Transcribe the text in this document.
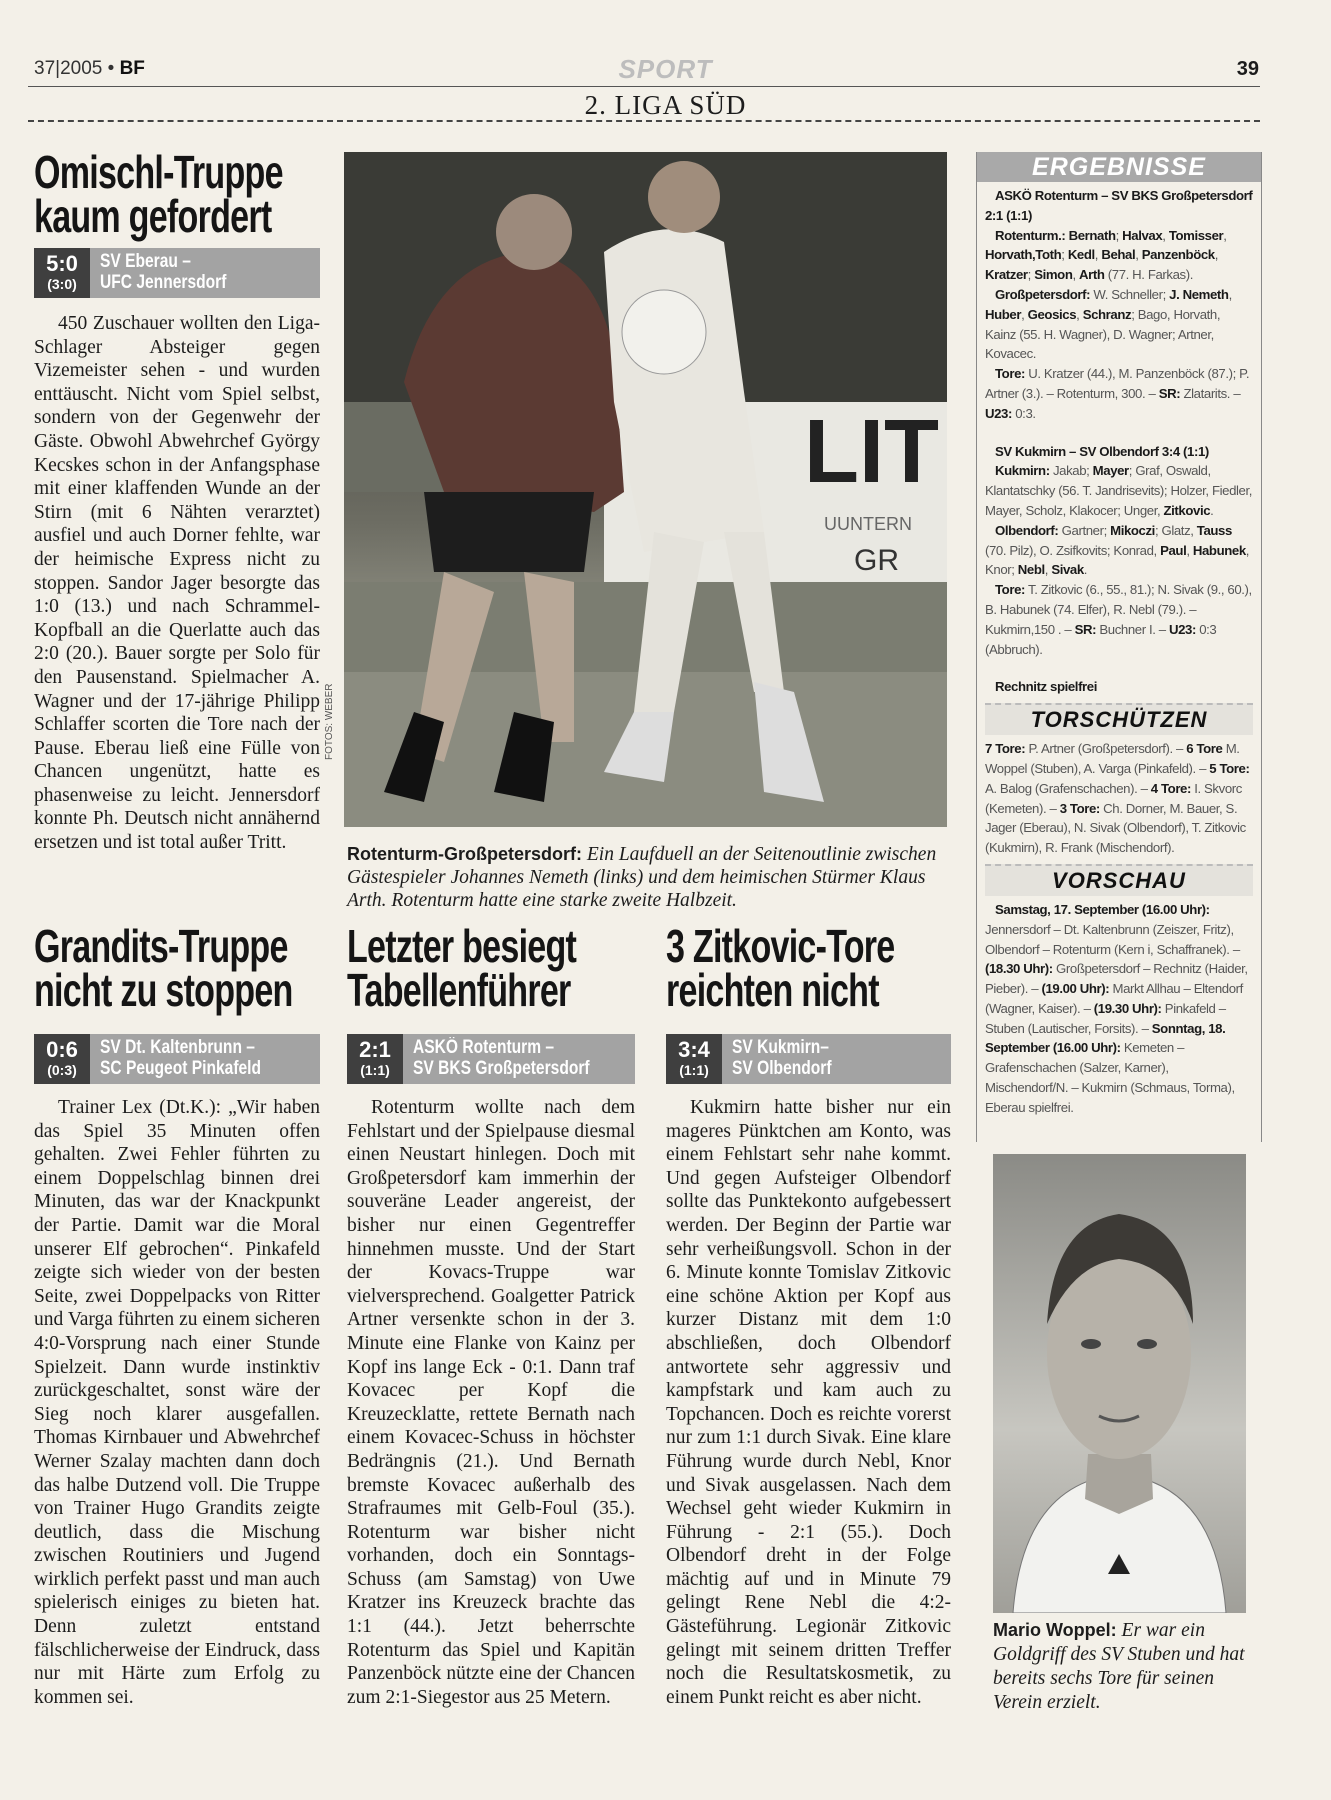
37|2005 • BF	SPORT	39
2. LIGA SÜD
Omischl-Truppe
kaum gefordert
5:0
(3:0)
SV Eberau –
UFC Jennersdorf
450 Zuschauer wollten den Liga-Schlager Absteiger gegen Vizemeister sehen - und wurden enttäuscht. Nicht vom Spiel selbst, sondern von der Gegenwehr der Gäste. Obwohl Abwehrchef György Kecskes schon in der Anfangsphase mit einer klaffenden Wunde an der Stirn (mit 6 Nähten verarztet) ausfiel und auch Dorner fehlte, war der heimische Express nicht zu stoppen. Sandor Jager besorgte das 1:0 (13.) und nach Schrammel-Kopfball an die Querlatte auch das 2:0 (20.). Bauer sorgte per Solo für den Pausenstand. Spielmacher A. Wagner und der 17-jährige Philipp Schlaffer scorten die Tore nach der Pause. Eberau ließ eine Fülle von Chancen ungenützt, hatte es phasenweise zu leicht. Jennersdorf konnte Ph. Deutsch nicht annähernd ersetzen und ist total außer Tritt.
LIT
UUNTERN
GR
FOTOS: WEBER
Rotenturm-Großpetersdorf: Ein Laufduell an der Seitenoutlinie zwischen Gästespieler Johannes Nemeth (links) und dem heimischen Stürmer Klaus Arth. Rotenturm hatte eine starke zweite Halbzeit.
Grandits-Truppe
nicht zu stoppen
0:6
(0:3)
SV Dt. Kaltenbrunn –
SC Peugeot Pinkafeld
Trainer Lex (Dt.K.): „Wir haben das Spiel 35 Minuten offen gehalten. Zwei Fehler führten zu einem Doppelschlag binnen drei Minuten, das war der Knackpunkt der Partie. Damit war die Moral unserer Elf gebrochen“. Pinkafeld zeigte sich wieder von der besten Seite, zwei Doppelpacks von Ritter und Varga führten zu einem sicheren 4:0-Vorsprung nach einer Stunde Spielzeit. Dann wurde instinktiv zurückgeschaltet, sonst wäre der Sieg noch klarer ausgefallen. Thomas Kirnbauer und Abwehrchef Werner Szalay machten dann doch das halbe Dutzend voll. Die Truppe von Trainer Hugo Grandits zeigte deutlich, dass die Mischung zwischen Routiniers und Jugend wirklich perfekt passt und man auch spielerisch einiges zu bieten hat. Denn zuletzt entstand fälschlicherweise der Eindruck, dass nur mit Härte zum Erfolg zu kommen sei.
Letzter besiegt
Tabellenführer
2:1
(1:1)
ASKÖ Rotenturm –
SV BKS Großpetersdorf
Rotenturm wollte nach dem Fehlstart und der Spielpause diesmal einen Neustart hinlegen. Doch mit Großpetersdorf kam immerhin der souveräne Leader angereist, der bisher nur einen Gegentreffer hinnehmen musste. Und der Start der Kovacs-Truppe war vielversprechend. Goalgetter Patrick Artner versenkte schon in der 3. Minute eine Flanke von Kainz per Kopf ins lange Eck - 0:1. Dann traf Kovacec per Kopf die Kreuzecklatte, rettete Bernath nach einem Kovacec-Schuss in höchster Bedrängnis (21.). Und Bernath bremste Kovacec außerhalb des Strafraumes mit Gelb-Foul (35.). Rotenturm war bisher nicht vorhanden, doch ein Sonntags-Schuss (am Samstag) von Uwe Kratzer ins Kreuzeck brachte das 1:1 (44.). Jetzt beherrschte Rotenturm das Spiel und Kapitän Panzenböck nützte eine der Chancen zum 2:1-Siegestor aus 25 Metern.
3 Zitkovic-Tore
reichten nicht
3:4
(1:1)
SV Kukmirn–
SV Olbendorf
Kukmirn hatte bisher nur ein mageres Pünktchen am Konto, was einem Fehlstart sehr nahe kommt. Und gegen Aufsteiger Olbendorf sollte das Punktekonto aufgebessert werden. Der Beginn der Partie war sehr verheißungsvoll. Schon in der 6. Minute konnte Tomislav Zitkovic eine schöne Aktion per Kopf aus kurzer Distanz mit dem 1:0 abschließen, doch Olbendorf antwortete sehr aggressiv und kampfstark und kam auch zu Topchancen. Doch es reichte vorerst nur zum 1:1 durch Sivak. Eine klare Führung wurde durch Nebl, Knor und Sivak ausgelassen. Nach dem Wechsel geht wieder Kukmirn in Führung - 2:1 (55.). Doch Olbendorf dreht in der Folge mächtig auf und in Minute 79 gelingt Rene Nebl die 4:2-Gästeführung. Legionär Zitkovic gelingt mit seinem dritten Treffer noch die Resultatskosmetik, zu einem Punkt reicht es aber nicht.
ERGEBNISSE

ASKÖ Rotenturm – SV BKS Großpetersdorf 2:1 (1:1)

Rotenturm.: Bernath; Halvax, Tomisser, Horvath,Toth; Kedl, Behal, Panzenböck, Kratzer; Simon, Arth (77. H. Farkas).

Großpetersdorf: W. Schneller; J. Nemeth, Huber, Geosics, Schranz; Bago, Horvath, Kainz (55. H. Wagner), D. Wagner; Artner, Kovacec.

Tore: U. Kratzer (44.), M. Panzenböck (87.); P. Artner (3.). – Rotenturm, 300. – SR: Zlatarits. – U23: 0:3.

SV Kukmirn – SV Olbendorf 3:4 (1:1)

Kukmirn: Jakab; Mayer; Graf, Oswald, Klantatschky (56. T. Jandrisevits); Holzer, Fiedler, Mayer, Scholz, Klakocer; Unger, Zitkovic.

Olbendorf: Gartner; Mikoczi; Glatz, Tauss (70. Pilz), O. Zsifkovits; Konrad, Paul, Habunek, Knor; Nebl, Sivak.

Tore: T. Zitkovic (6., 55., 81.); N. Sivak (9., 60.), B. Habunek (74. Elfer), R. Nebl (79.). – Kukmirn,150 . – SR: Buchner I. – U23: 0:3 (Abbruch).

Rechnitz spielfrei

TORSCHÜTZEN

7 Tore: P. Artner (Großpetersdorf). – 6 Tore M. Woppel (Stuben), A. Varga (Pinkafeld). – 5 Tore: A. Balog (Grafenschachen). – 4 Tore: I. Skvorc (Kemeten). – 3 Tore: Ch. Dorner, M. Bauer, S. Jager (Eberau), N. Sivak (Olbendorf), T. Zitkovic (Kukmirn), R. Frank (Mischendorf).

VORSCHAU

Samstag, 17. September (16.00 Uhr): Jennersdorf – Dt. Kaltenbrunn (Zeiszer, Fritz), Olbendorf – Rotenturm (Kern i, Schaffranek). – (18.30 Uhr): Großpetersdorf – Rechnitz (Haider, Pieber). – (19.00 Uhr): Markt Allhau – Eltendorf (Wagner, Kaiser). – (19.30 Uhr): Pinkafeld – Stuben (Lautischer, Forsits). – Sonntag, 18. September (16.00 Uhr): Kemeten – Grafenschachen (Salzer, Karner), Mischendorf/N. – Kukmirn (Schmaus, Torma), Eberau spielfrei.

Mario Woppel: Er war ein Goldgriff des SV Stuben und hat bereits sechs Tore für seinen Verein erzielt.
